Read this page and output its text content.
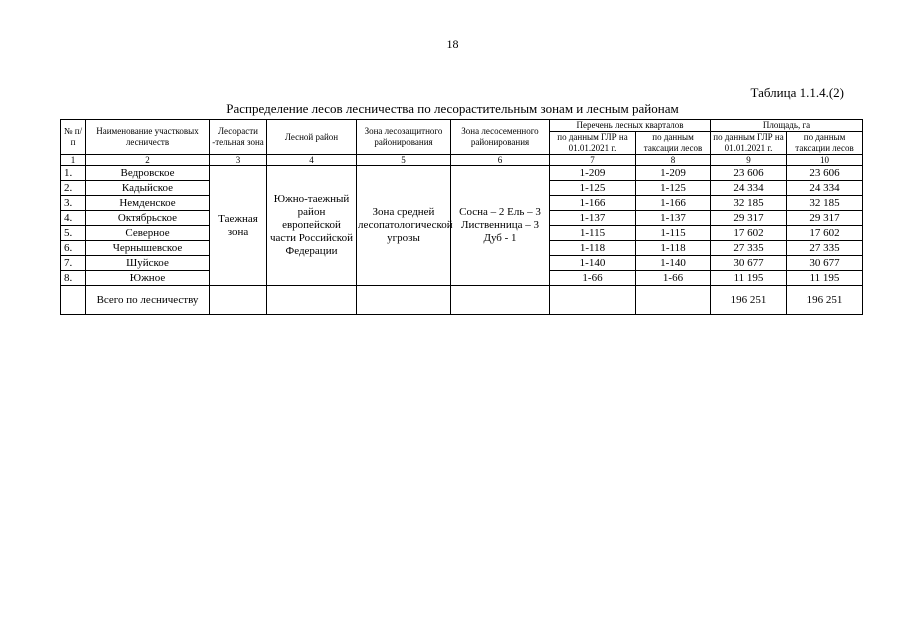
18
Таблица 1.1.4.(2)
Распределение лесов лесничества по лесорастительным зонам и лесным районам
№ п/ п	Наименование участковых лесничеств	Лесорасти -тельная зона	Лесной район	Зона лесозащитного районирования	Зона лесосеменного районирования	Перечень лесных кварталов		Площадь, га	
						по данным ГЛР на 01.01.2021 г.	по данным таксации лесов	по данным ГЛР на 01.01.2021 г.	по данным таксации лесов
1	2	3	4	5	6	7	8	9	10
1.	Ведровское	Таежная зона	Южно-таежный район европейской части Российской Федерации	Зона средней лесопатологической угрозы	Сосна – 2 Ель – 3 Лиственница – 3 Дуб - 1	1-209	1-209	23 606	23 606
2.	Кадыйское					1-125	1-125	24 334	24 334
3.	Немденское					1-166	1-166	32 185	32 185
4.	Октябрьское					1-137	1-137	29 317	29 317
5.	Северное					1-115	1-115	17 602	17 602
6.	Чернышевское					1-118	1-118	27 335	27 335
7.	Шуйское					1-140	1-140	30 677	30 677
8.	Южное					1-66	1-66	11 195	11 195
	Всего по лесничеству							196 251	196 251
